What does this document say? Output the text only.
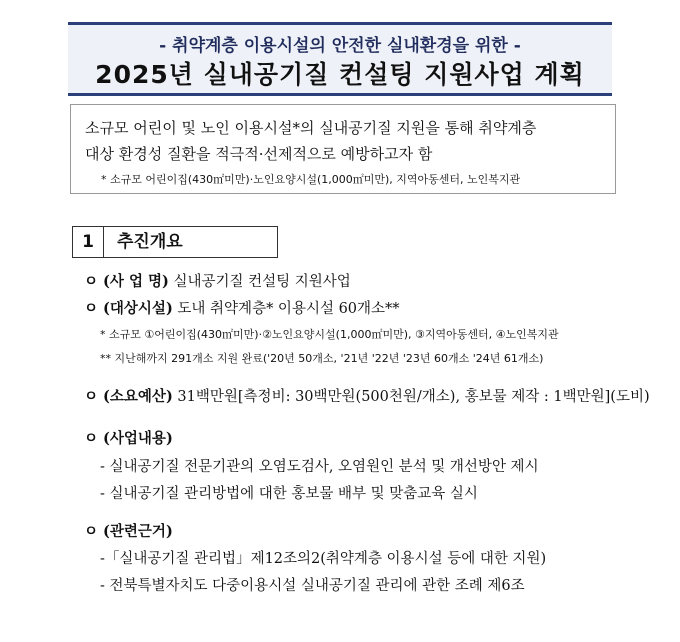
- 취약계층 이용시설의 안전한 실내환경을 위한 -
2025년 실내공기질 컨설팅 지원사업 계획
소규모 어린이 및 노인 이용시설*의 실내공기질 지원을 통해 취약계층
대상 환경성 질환을 적극적·선제적으로 예방하고자 함
* 소규모 어린이집(430㎡미만)·노인요양시설(1,000㎡미만), 지역아동센터, 노인복지관
1	추진개요
ㅇ (사 업 명) 실내공기질 컨설팅 지원사업
ㅇ (대상시설) 도내 취약계층* 이용시설 60개소**
* 소규모 ①어린이집(430㎡미만)·②노인요양시설(1,000㎡미만), ③지역아동센터, ④노인복지관
** 지난해까지 291개소 지원 완료('20년 50개소, '21년 '22년 '23년 60개소 '24년 61개소)
ㅇ (소요예산) 31백만원[측정비: 30백만원(500천원/개소), 홍보물 제작 : 1백만원](도비)
ㅇ (사업내용)
- 실내공기질 전문기관의 오염도검사, 오염원인 분석 및 개선방안 제시
- 실내공기질 관리방법에 대한 홍보물 배부 및 맞춤교육 실시
ㅇ (관련근거)
-「실내공기질 관리법」제12조의2(취약계층 이용시설 등에 대한 지원)
- 전북특별자치도 다중이용시설 실내공기질 관리에 관한 조례 제6조
